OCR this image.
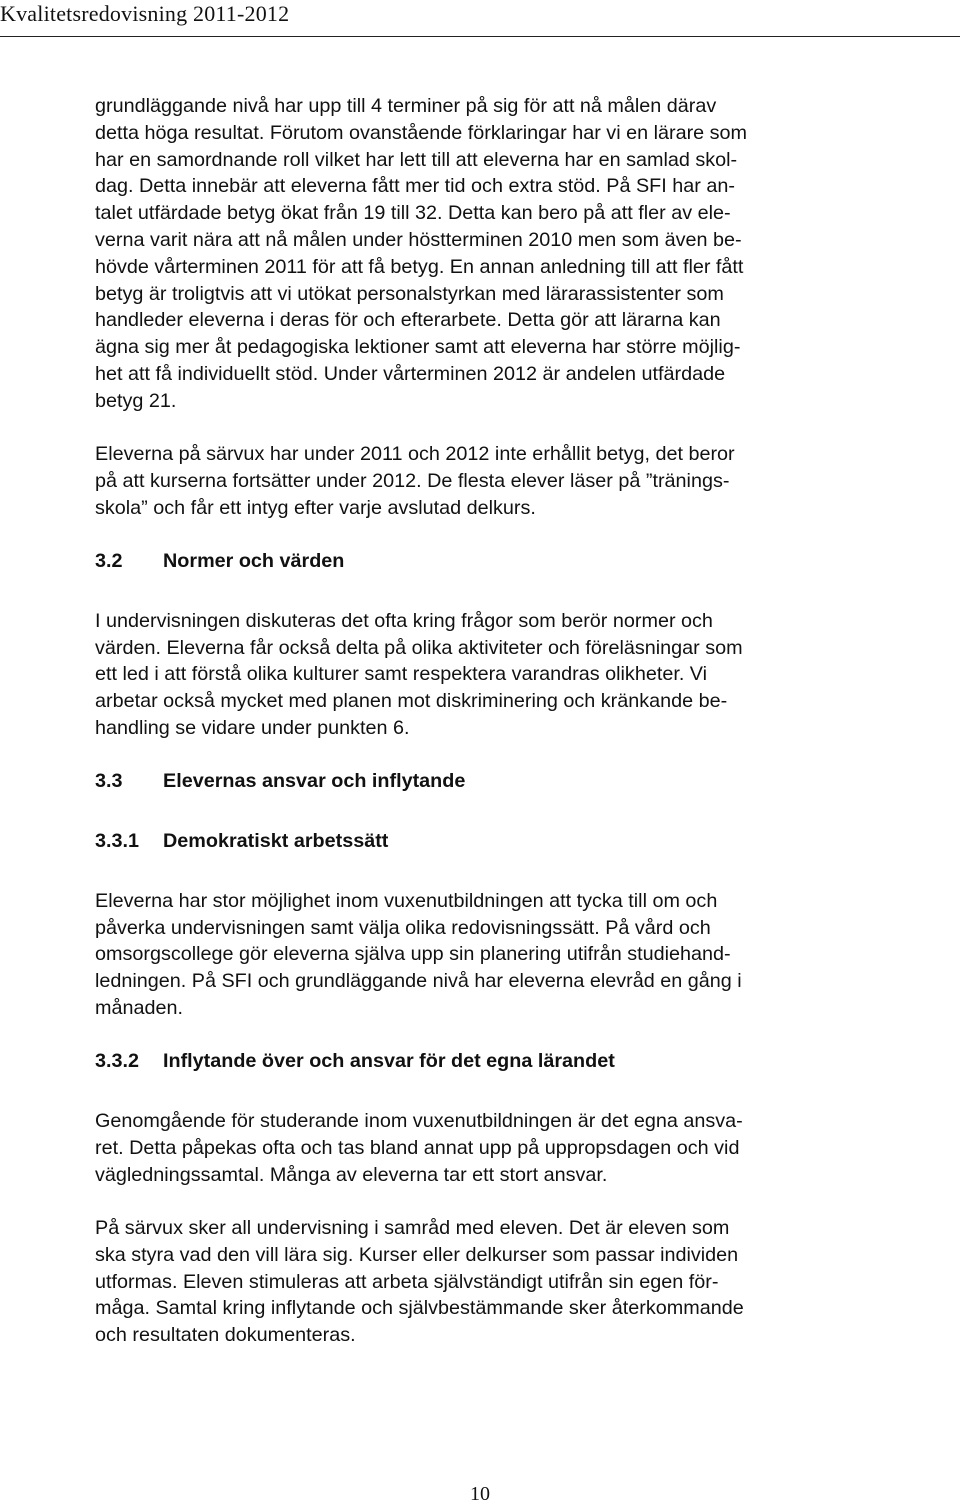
Kvalitetsredovisning 2011-2012
grundläggande nivå har upp till 4 terminer på sig för att nå målen därav
detta höga resultat. Förutom ovanstående förklaringar har vi en lärare som
har en samordnande roll vilket har lett till att eleverna har en samlad skol-
dag. Detta innebär att eleverna fått mer tid och extra stöd. På SFI har an-
talet utfärdade betyg ökat från 19 till 32. Detta kan bero på att fler av ele-
verna varit nära att nå målen under höstterminen 2010 men som även be-
hövde vårterminen 2011 för att få betyg. En annan anledning till att fler fått
betyg är troligtvis att vi utökat personalstyrkan med lärarassistenter som
handleder eleverna i deras för och efterarbete. Detta gör att lärarna kan
ägna sig mer åt pedagogiska lektioner samt att eleverna har större möjlig-
het att få individuellt stöd. Under vårterminen 2012 är andelen utfärdade
betyg 21.
Eleverna på särvux har under 2011 och 2012 inte erhållit betyg, det beror
på att kurserna fortsätter under 2012. De flesta elever läser på ”tränings-
skola” och får ett intyg efter varje avslutad delkurs.
3.2	Normer och värden
I undervisningen diskuteras det ofta kring frågor som berör normer och
värden. Eleverna får också delta på olika aktiviteter och föreläsningar som
ett led i att förstå olika kulturer samt respektera varandras olikheter. Vi
arbetar också mycket med planen mot diskriminering och kränkande be-
handling se vidare under punkten 6.
3.3	Elevernas ansvar och inflytande
3.3.1	Demokratiskt arbetssätt
Eleverna har stor möjlighet inom vuxenutbildningen att tycka till om och
påverka undervisningen samt välja olika redovisningssätt. På vård och
omsorgscollege gör eleverna själva upp sin planering utifrån studiehand-
ledningen. På SFI och grundläggande nivå har eleverna elevråd en gång i
månaden.
3.3.2	Inflytande över och ansvar för det egna lärandet
Genomgående för studerande inom vuxenutbildningen är det egna ansva-
ret. Detta påpekas ofta och tas bland annat upp på uppropsdagen och vid
vägledningssamtal. Många av eleverna tar ett stort ansvar.
På särvux sker all undervisning i samråd med eleven. Det är eleven som
ska styra vad den vill lära sig. Kurser eller delkurser som passar individen
utformas. Eleven stimuleras att arbeta självständigt utifrån sin egen för-
måga. Samtal kring inflytande och självbestämmande sker återkommande
och resultaten dokumenteras.
10
